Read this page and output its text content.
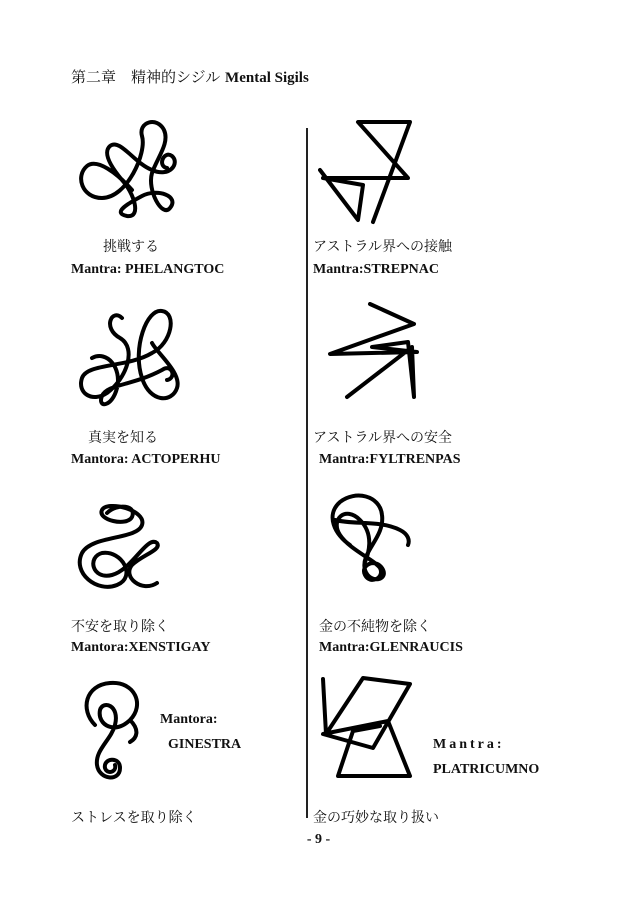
第二章　精神的シジル Mental Sigils
挑戦する
Mantra: PHELANGTOC
アストラル界への接触
Mantra:STREPNAC
真実を知る
Mantora: ACTOPERHU
アストラル界への安全
Mantra:FYLTRENPAS
不安を取り除く
Mantora:XENSTIGAY
金の不純物を除く
Mantra:GLENRAUCIS
ストレスを取り除く
Mantora:
GINESTRA
金の巧妙な取り扱い
Mantra:
PLATRICUMNO
- 9 -
